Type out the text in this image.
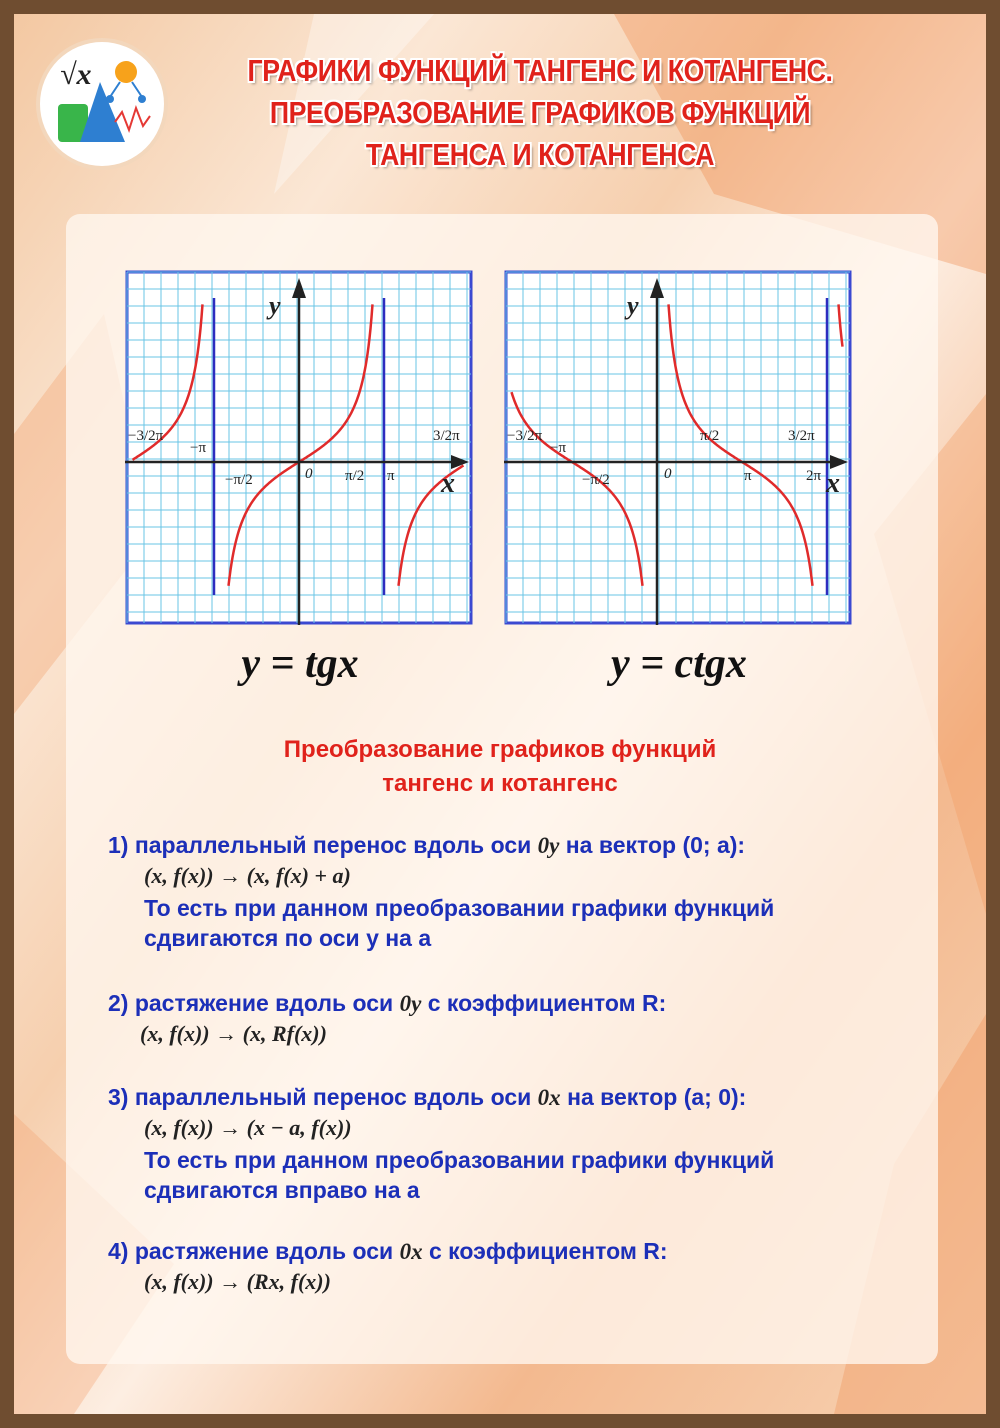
√x	ГРАФИКИ ФУНКЦИЙ ТАНГЕНС И КОТАНГЕНС.
ПРЕОБРАЗОВАНИЕ ГРАФИКОВ ФУНКЦИЙ
ТАНГЕНСА И КОТАНГЕНСА
y
x
0
−3/2π
−π
−π/2	π/2 π
3/2π
y = tgx
y
x
0
−3/2π
−π
−π/2
π/2
π
3/2π
2π
y = ctgx
Преобразование графиков функций
тангенс и котангенс
1) параллельный перенос вдоль оси 0y на вектор (0; a):
(x, f(x)) → (x, f(x) + a)
То есть при данном преобразовании графики функций
сдвигаются по оси y на a
2) растяжение вдоль оси 0y с коэффициентом R:
(x, f(x)) → (x, Rf(x))
3) параллельный перенос вдоль оси 0x на вектор (a; 0):
(x, f(x)) → (x − a, f(x))
То есть при данном преобразовании графики функций
сдвигаются вправо на a
4) растяжение вдоль оси 0x с коэффициентом R:
(x, f(x)) → (Rx, f(x))
